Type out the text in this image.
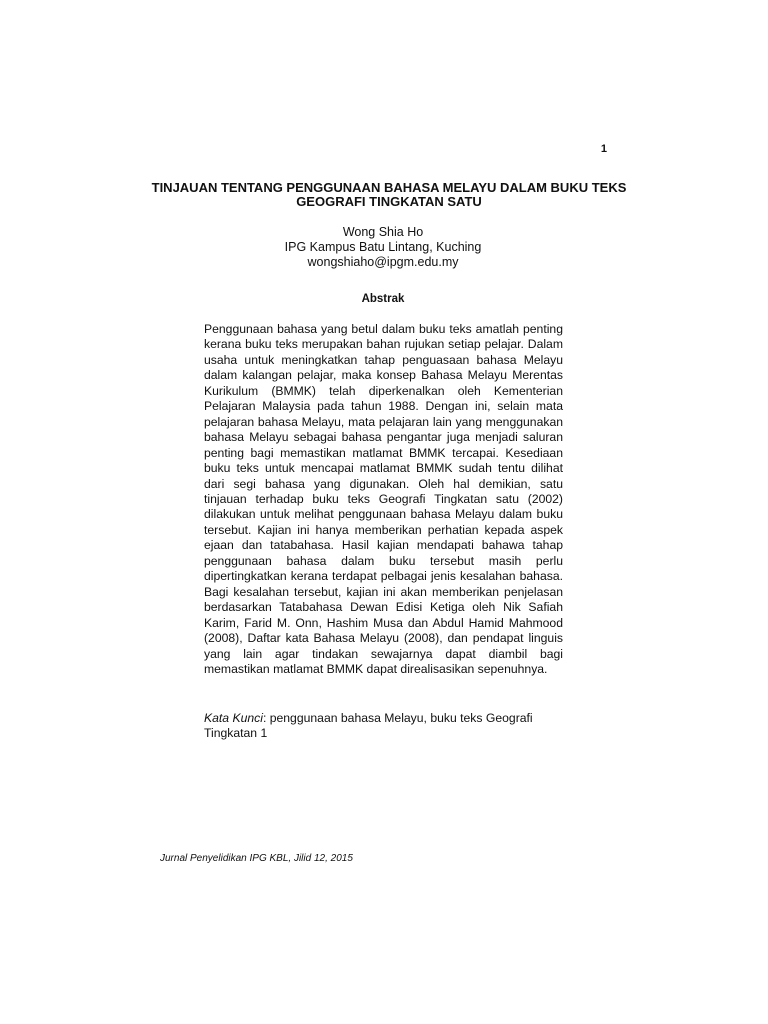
1
TINJAUAN TENTANG PENGGUNAAN BAHASA MELAYU DALAM BUKU TEKS GEOGRAFI TINGKATAN SATU
Wong Shia Ho
IPG Kampus Batu Lintang, Kuching
wongshiaho@ipgm.edu.my
Abstrak

Penggunaan bahasa yang betul dalam buku teks amatlah penting kerana buku teks merupakan bahan rujukan setiap pelajar. Dalam usaha untuk meningkatkan tahap penguasaan bahasa Melayu dalam kalangan pelajar, maka konsep Bahasa Melayu Merentas Kurikulum (BMMK) telah diperkenalkan oleh Kementerian Pelajaran Malaysia pada tahun 1988. Dengan ini, selain mata pelajaran bahasa Melayu, mata pelajaran lain yang menggunakan bahasa Melayu sebagai bahasa pengantar juga menjadi saluran penting bagi memastikan matlamat BMMK tercapai. Kesediaan buku teks untuk mencapai matlamat BMMK sudah tentu dilihat dari segi bahasa yang digunakan. Oleh hal demikian, satu tinjauan terhadap buku teks Geografi Tingkatan satu (2002) dilakukan untuk melihat penggunaan bahasa Melayu dalam buku tersebut. Kajian ini hanya memberikan perhatian kepada aspek ejaan dan tatabahasa. Hasil kajian mendapati bahawa tahap penggunaan bahasa dalam buku tersebut masih perlu dipertingkatkan kerana terdapat pelbagai jenis kesalahan bahasa. Bagi kesalahan tersebut, kajian ini akan memberikan penjelasan berdasarkan Tatabahasa Dewan Edisi Ketiga oleh Nik Safiah Karim, Farid M. Onn, Hashim Musa dan Abdul Hamid Mahmood (2008), Daftar kata Bahasa Melayu (2008), dan pendapat linguis yang lain agar tindakan sewajarnya dapat diambil bagi memastikan matlamat BMMK dapat direalisasikan sepenuhnya.

Kata Kunci: penggunaan bahasa Melayu, buku teks Geografi Tingkatan 1

Jurnal Penyelidikan IPG KBL, Jilid 12, 2015
